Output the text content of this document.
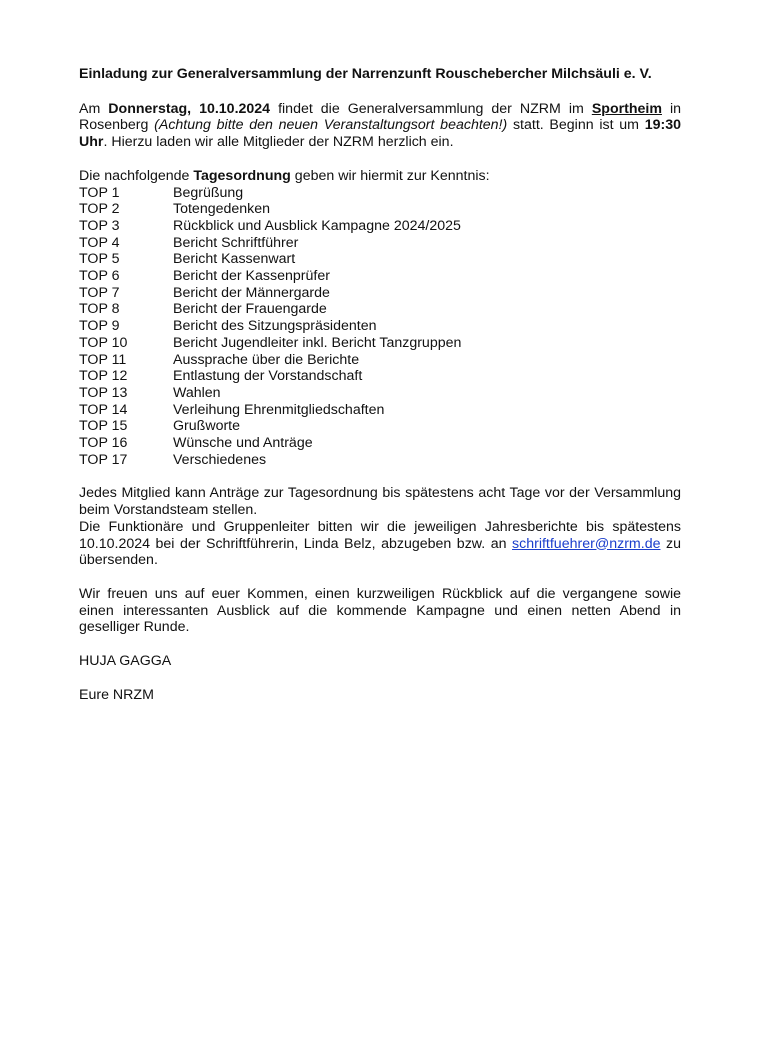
Einladung zur Generalversammlung der Narrenzunft Rouschebercher Milchsäuli e. V.

Am Donnerstag, 10.10.2024 findet die Generalversammlung der NZRM im Sportheim in Rosenberg (Achtung bitte den neuen Veranstaltungsort beachten!) statt. Beginn ist um 19:30 Uhr. Hierzu laden wir alle Mitglieder der NZRM herzlich ein.

Die nachfolgende Tagesordnung geben wir hiermit zur Kenntnis:

TOP 1	Begrüßung
TOP 2	Totengedenken
TOP 3	Rückblick und Ausblick Kampagne 2024/2025
TOP 4	Bericht Schriftführer
TOP 5	Bericht Kassenwart
TOP 6	Bericht der Kassenprüfer
TOP 7	Bericht der Männergarde
TOP 8	Bericht der Frauengarde
TOP 9	Bericht des Sitzungspräsidenten
TOP 10	Bericht Jugendleiter inkl. Bericht Tanzgruppen
TOP 11	Aussprache über die Berichte
TOP 12	Entlastung der Vorstandschaft
TOP 13	Wahlen
TOP 14	Verleihung Ehrenmitgliedschaften
TOP 15	Grußworte
TOP 16	Wünsche und Anträge
TOP 17	Verschiedenes

Jedes Mitglied kann Anträge zur Tagesordnung bis spätestens acht Tage vor der Versammlung beim Vorstandsteam stellen.

Die Funktionäre und Gruppenleiter bitten wir die jeweiligen Jahresberichte bis spätestens 10.10.2024 bei der Schriftführerin, Linda Belz, abzugeben bzw. an schriftfuehrer@nzrm.de zu übersenden.

Wir freuen uns auf euer Kommen, einen kurzweiligen Rückblick auf die vergangene sowie einen interessanten Ausblick auf die kommende Kampagne und einen netten Abend in geselliger Runde.

HUJA GAGGA

Eure NRZM
